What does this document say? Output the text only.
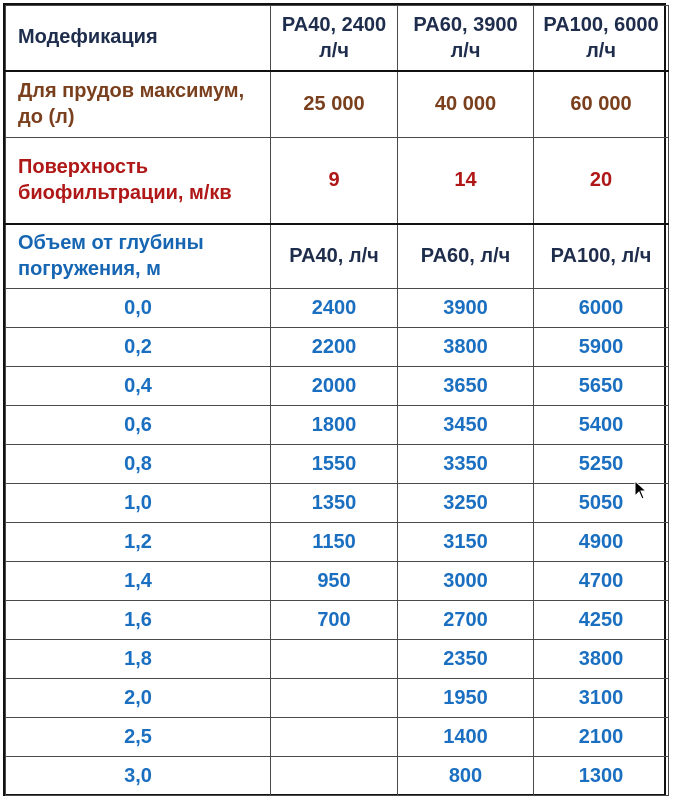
Модефикация	PA40, 2400 л/ч	PA60, 3900 л/ч	PA100, 6000 л/ч

Для прудов максимум, до (л)	25 000	40 000	60 000

Поверхность биофильтрации, м/кв	9	14	20

Объем от глубины погружения, м	PA40, л/ч	PA60, л/ч	PA100, л/ч
0,0	2400	3900	6000
0,2	2200	3800	5900
0,4	2000	3650	5650
0,6	1800	3450	5400
0,8	1550	3350	5250
1,0	1350	3250	5050
1,2	1150	3150	4900
1,4	950	3000	4700
1,6	700	2700	4250
1,8		2350	3800
2,0		1950	3100
2,5		1400	2100
3,0		800	1300
